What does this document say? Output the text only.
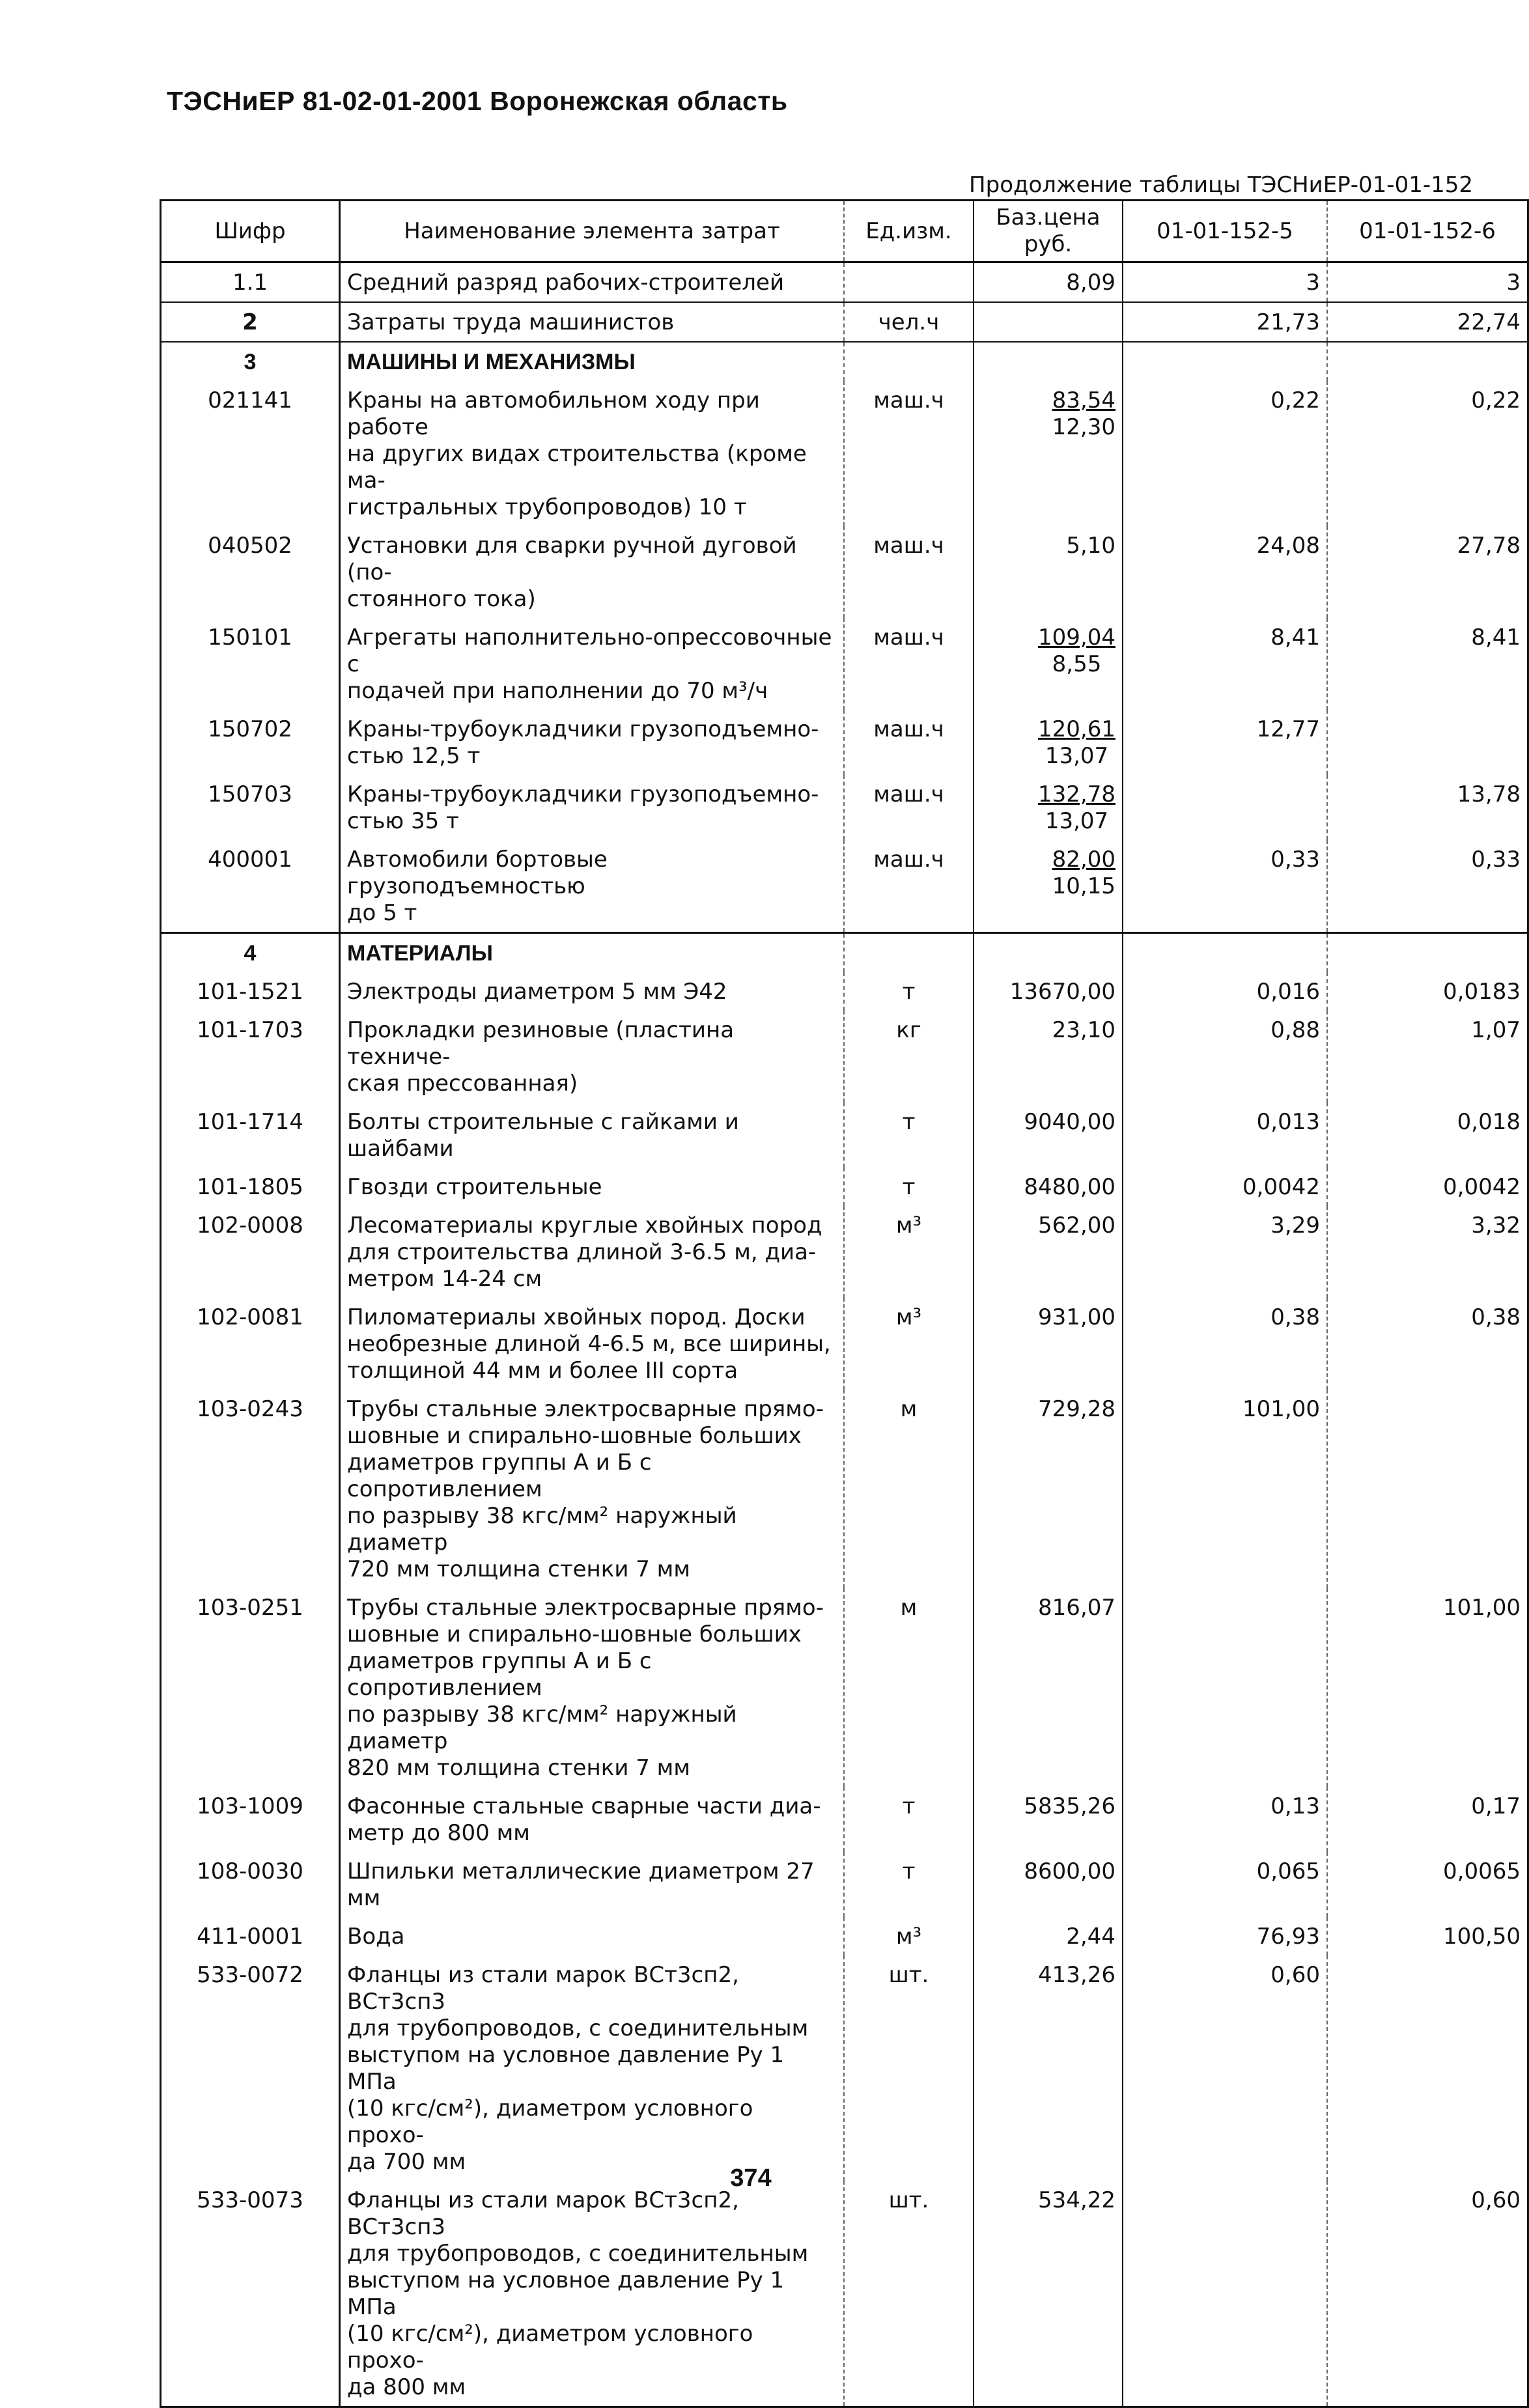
ТЭСНиЕР 81-02-01-2001 Воронежская область
Продолжение таблицы ТЭСНиЕР-01-01-152
Шифр	Наименование элемента затрат	Ед.изм.	Баз.цена руб.	01-01-152-5	01-01-152-6
1.1	Средний разряд рабочих-строителей		8,09	3	3
2	Затраты труда машинистов	чел.ч		21,73	22,74
3	МАШИНЫ И МЕХАНИЗМЫ		

021141	Краны на автомобильном ходу при работе
на других видах строительства (кроме ма-
гистральных трубопроводов) 10 т	маш.ч	$\frac{83,54}{12,30}$	0,22	0,22
040502	Установки для сварки ручной дуговой (по-
стоянного тока)	маш.ч	5,10	24,08	27,78
150101	Агрегаты наполнительно-опрессовочные с
подачей при наполнении до 70 м³/ч	маш.ч	$\frac{109,04}{8,55}$	8,41	8,41
150702	Краны-трубоукладчики грузоподъемно-
стью 12,5 т	маш.ч	$\frac{120,61}{13,07}$	12,77	
150703	Краны-трубоукладчики грузоподъемно-
стью 35 т	маш.ч	$\frac{132,78}{13,07}$		13,78
400001	Автомобили бортовые грузоподъемностью
до 5 т	маш.ч	$\frac{82,00}{10,15}$	0,33	0,33
4	МАТЕРИАЛЫ		

101-1521	Электроды диаметром 5 мм Э42	т	13670,00	0,016	0,0183
101-1703	Прокладки резиновые (пластина техниче-
ская прессованная)	кг	23,10	0,88	1,07
101-1714	Болты строительные с гайками и шайбами	т	9040,00	0,013	0,018
101-1805	Гвозди строительные	т	8480,00	0,0042	0,0042
102-0008	Лесоматериалы круглые хвойных пород
для строительства длиной 3-6.5 м, диа-
метром 14-24 см	м³	562,00	3,29	3,32
102-0081	Пиломатериалы хвойных пород. Доски
необрезные длиной 4-6.5 м, все ширины,
толщиной 44 мм и более III сорта	м³	931,00	0,38	0,38
103-0243	Трубы стальные электросварные прямо-
шовные и спирально-шовные больших
диаметров группы А и Б с сопротивлением
по разрыву 38 кгс/мм² наружный диаметр
720 мм толщина стенки 7 мм	м	729,28	101,00	
103-0251	Трубы стальные электросварные прямо-
шовные и спирально-шовные больших
диаметров группы А и Б с сопротивлением
по разрыву 38 кгс/мм² наружный диаметр
820 мм толщина стенки 7 мм	м	816,07		101,00
103-1009	Фасонные стальные сварные части диа-
метр до 800 мм	т	5835,26	0,13	0,17
108-0030	Шпильки металлические диаметром 27 мм	т	8600,00	0,065	0,0065
411-0001	Вода	м³	2,44	76,93	100,50
533-0072	Фланцы из стали марок ВСт3сп2, ВСт3сп3
для трубопроводов, с соединительным
выступом на условное давление Ру 1 МПа
(10 кгс/см²), диаметром условного прохо-
да 700 мм	шт.	413,26	0,60	
533-0073	Фланцы из стали марок ВСт3сп2, ВСт3сп3
для трубопроводов, с соединительным
выступом на условное давление Ру 1 МПа
(10 кгс/см²), диаметром условного прохо-
да 800 мм	шт.	534,22		0,60
374
